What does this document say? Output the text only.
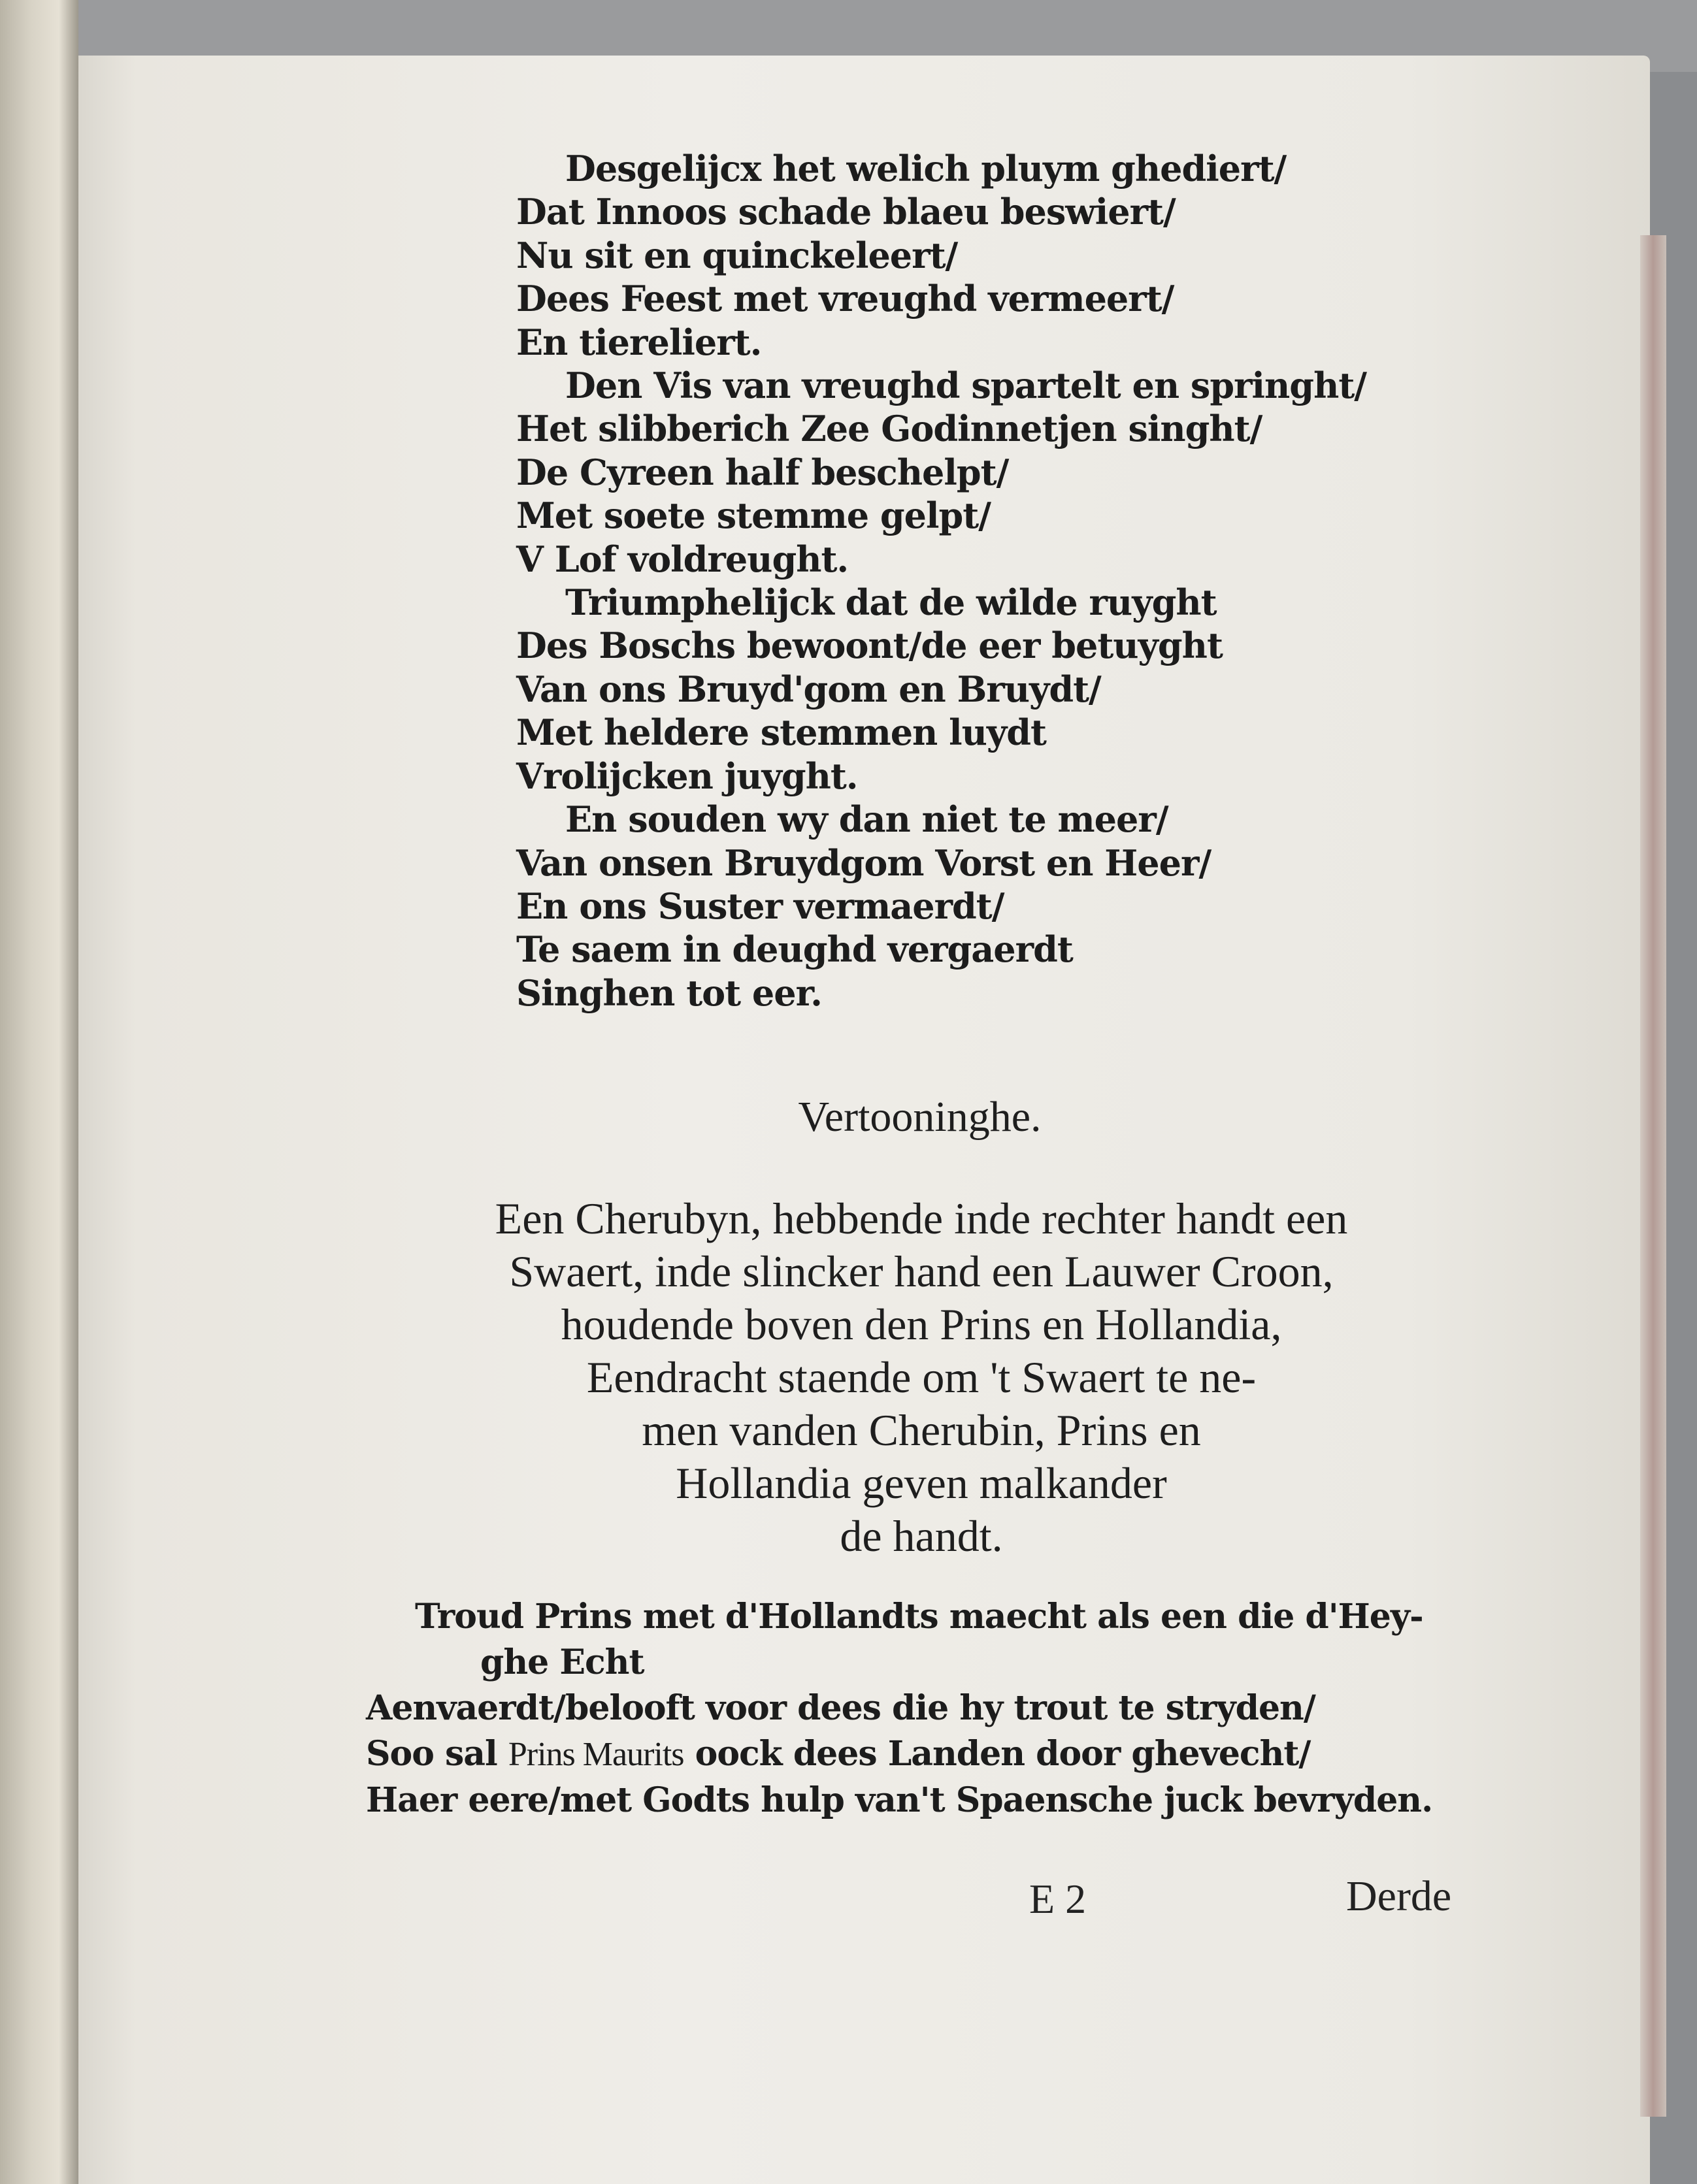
Desgelijcx het welich pluym ghediert/
Dat Innoos schade blaeu beswiert/
Nu sit en quinckeleert/
Dees Feest met vreughd vermeert/
En tiereliert.
Den Vis van vreughd spartelt en springht/
Het slibberich Zee Godinnetjen singht/
De Cyreen half beschelpt/
Met soete stemme gelpt/
V Lof voldreught.
Triumphelijck dat de wilde ruyght
Des Boschs bewoont/de eer betuyght
Van ons Bruyd'gom en Bruydt/
Met heldere stemmen luydt
Vrolijcken juyght.
En souden wy dan niet te meer/
Van onsen Bruydgom Vorst en Heer/
En ons Suster vermaerdt/
Te saem in deughd vergaerdt
Singhen tot eer.
Vertooninghe.
Een Cherubyn, hebbende inde rechter handt een
Swaert, inde slincker hand een Lauwer Croon,
houdende boven den Prins en Hollandia,
Eendracht staende om 't Swaert te ne-
men vanden Cherubin, Prins en
Hollandia geven malkander
de handt.
Troud Prins met d'Hollandts maecht als een die d'Hey-
ghe Echt
Aenvaerdt/belooft voor dees die hy trout te stryden/
Soo sal Prins Maurits oock dees Landen door ghevecht/
Haer eere/met Godts hulp van't Spaensche juck bevryden.
E 2	Derde
